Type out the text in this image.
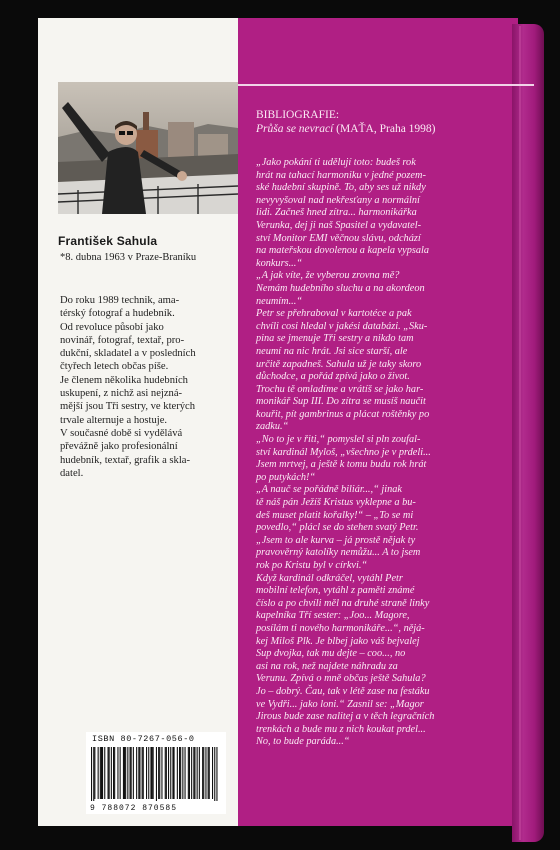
František Sahula
*8. dubna 1963 v Praze-Braníku
Do roku 1989 technik, ama-
térský fotograf a hudebník.
Od revoluce působí jako
novinář, fotograf, textař, pro-
dukční, skladatel a v posledních
čtyřech letech občas píše.
Je členem několika hudebních
uskupení, z nichž asi nejzná-
mější jsou Tři sestry, ve kterých
trvale alternuje a hostuje.
V současné době si vydělává
převážně jako profesionální
hudebník, textař, grafik a skla-
datel.
ISBN 80-7267-056-0
9 788072 870585
BIBLIOGRAFIE:
Průša se nevrací (MAŤA, Praha 1998)
„Jako pokání ti udělují toto: budeš rok
hrát na tahací harmoniku v jedné pozem-
ské hudební skupině. To, aby ses už nikdy
nevyvyšoval nad nekřesťany a normální
lidi. Začneš hned zítra... harmonikářka
Verunka, dej ji naš Spasitel a vydavatel-
ství Monitor EMI věčnou slávu, odchází
na mateřskou dovolenou a kapela vypsala
konkurs...“
„A jak víte, že vyberou zrovna mě?
Nemám hudebního sluchu a na akordeon
neumím...“
Petr se přehraboval v kartotéce a pak
chvíli cosi hledal v jakési databázi. „Sku-
pina se jmenuje Tři sestry a nikdo tam
neumí na nic hrát. Jsi sice starší, ale
určitě zapadneš. Sahula už je taky skoro
důchodce, a pořád zpívá jako o život.
Trochu tě omladíme a vrátíš se jako har-
monikář Sup III. Do zítra se musíš naučit
kouřit, pít gambrinus a plácat roštěnky po
zadku.“
„No to je v řiti,“ pomyslel si pln zoufal-
ství kardinál Myloš, „všechno je v prdeli...
Jsem mrtvej, a ještě k tomu budu rok hrát
po putykách!“
„A nauč se pořádně biliár...,“ jinak
tě náš pán Ježíš Kristus vyklepne a bu-
deš muset platit kořalky!“ – „To se mi
povedlo,“ plácl se do stehen svatý Petr.
„Jsem to ale kurva – já prostě nějak ty
pravověrný katolíky nemůžu... A to jsem
rok po Kristu byl v církvi.“
Když kardinál odkráčel, vytáhl Petr
mobilní telefon, vytáhl z paměti známé
číslo a po chvíli měl na druhé straně linky
kapelníka Tří sester: „Joo... Magore,
posílám ti nového harmonikáře...“, nějá-
kej Miloš Plk. Je blbej jako váš bejvalej
Sup dvojka, tak mu dejte – coo..., no
asi na rok, než najdete náhradu za
Verunu. Zpívá o mně občas ještě Sahula?
Jo – dobrý. Čau, tak v létě zase na festáku
ve Vydři... jako loni.“ Zasnil se: „Magor
Jirous bude zase nalitej a v těch legračních
trenkách a bude mu z nich koukat prdel...
No, to bude paráda...“
